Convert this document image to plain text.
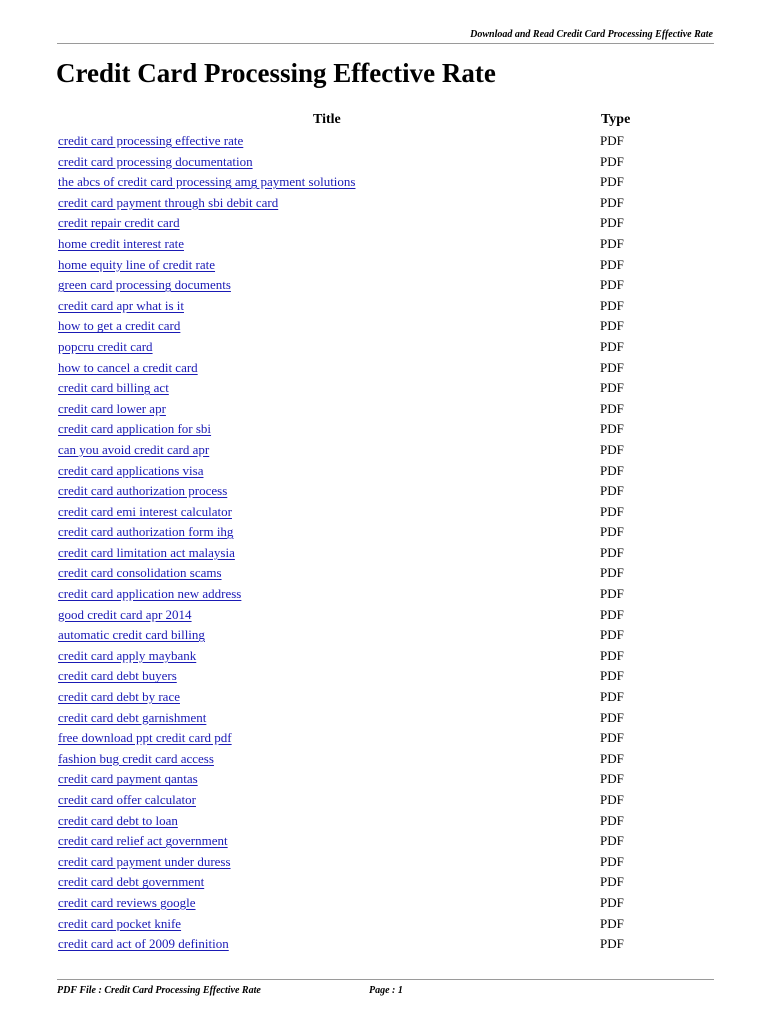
Download and Read Credit Card Processing Effective Rate
Credit Card Processing Effective Rate
Title	Type
credit card processing effective rate	PDF
credit card processing documentation	PDF
the abcs of credit card processing amg payment solutions	PDF
credit card payment through sbi debit card	PDF
credit repair credit card	PDF
home credit interest rate	PDF
home equity line of credit rate	PDF
green card processing documents	PDF
credit card apr what is it	PDF
how to get a credit card	PDF
popcru credit card	PDF
how to cancel a credit card	PDF
credit card billing act	PDF
credit card lower apr	PDF
credit card application for sbi	PDF
can you avoid credit card apr	PDF
credit card applications visa	PDF
credit card authorization process	PDF
credit card emi interest calculator	PDF
credit card authorization form ihg	PDF
credit card limitation act malaysia	PDF
credit card consolidation scams	PDF
credit card application new address	PDF
good credit card apr 2014	PDF
automatic credit card billing	PDF
credit card apply maybank	PDF
credit card debt buyers	PDF
credit card debt by race	PDF
credit card debt garnishment	PDF
free download ppt credit card pdf	PDF
fashion bug credit card access	PDF
credit card payment qantas	PDF
credit card offer calculator	PDF
credit card debt to loan	PDF
credit card relief act government	PDF
credit card payment under duress	PDF
credit card debt government	PDF
credit card reviews google	PDF
credit card pocket knife	PDF
credit card act of 2009 definition	PDF
PDF File : Credit Card Processing Effective Rate	Page : 1
